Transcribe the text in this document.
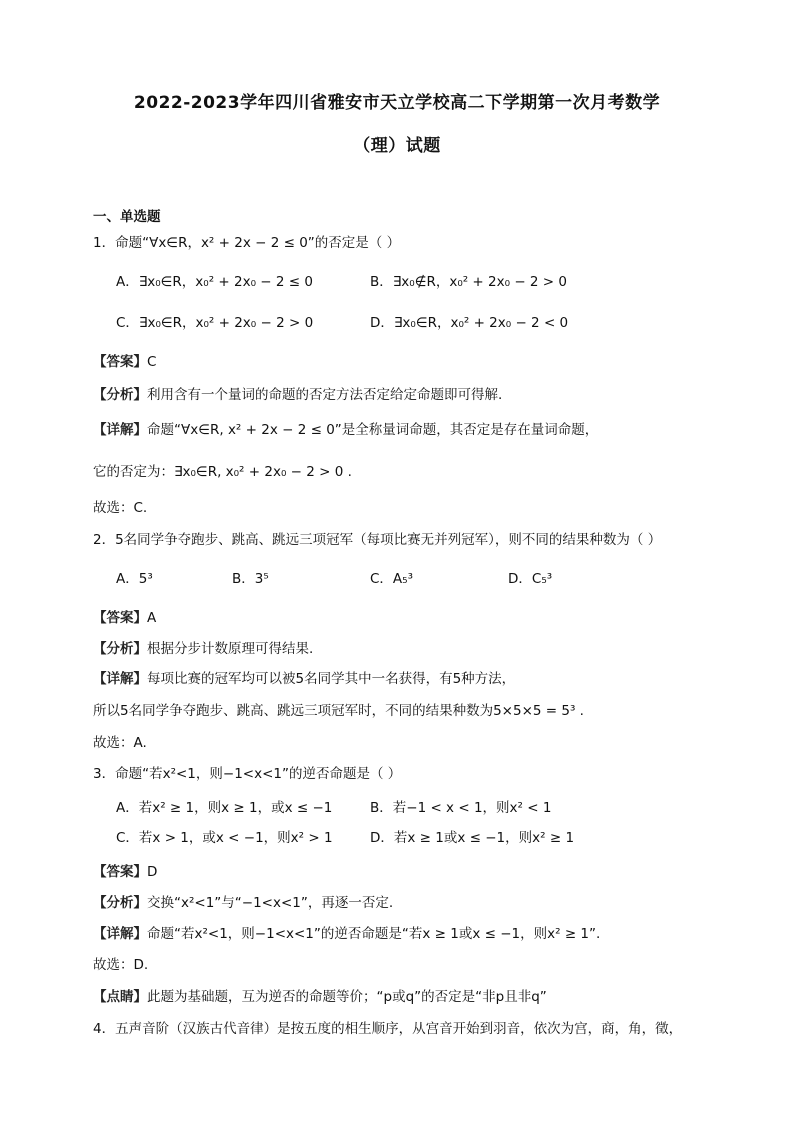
2022-2023学年四川省雅安市天立学校高二下学期第一次月考数学
（理）试题
一、单选题
1．命题“∀x∈R，x² + 2x − 2 ≤ 0”的否定是（ ）
A．∃x₀∈R，x₀² + 2x₀ − 2 ≤ 0	B．∃x₀∉R，x₀² + 2x₀ − 2 > 0
C．∃x₀∈R，x₀² + 2x₀ − 2 > 0	D．∃x₀∈R，x₀² + 2x₀ − 2 < 0
【答案】C
【分析】利用含有一个量词的命题的否定方法否定给定命题即可得解.
【详解】命题“∀x∈R, x² + 2x − 2 ≤ 0”是全称量词命题，其否定是存在量词命题，
它的否定为：∃x₀∈R, x₀² + 2x₀ − 2 > 0 .
故选：C.
2．5名同学争夺跑步、跳高、跳远三项冠军（每项比赛无并列冠军），则不同的结果种数为（ ）
A．5³	B．3⁵	C．A₅³	D．C₅³
【答案】A
【分析】根据分步计数原理可得结果.
【详解】每项比赛的冠军均可以被5名同学其中一名获得，有5种方法，
所以5名同学争夺跑步、跳高、跳远三项冠军时，不同的结果种数为5×5×5 = 5³ .
故选：A.
3．命题“若x²<1，则−1<x<1”的逆否命题是（ ）
A．若x² ≥ 1，则x ≥ 1，或x ≤ −1	B．若−1 < x < 1，则x² < 1
C．若x > 1，或x < −1，则x² > 1	D．若x ≥ 1或x ≤ −1，则x² ≥ 1
【答案】D
【分析】交换“x²<1”与“−1<x<1”，再逐一否定.
【详解】命题“若x²<1，则−1<x<1”的逆否命题是“若x ≥ 1或x ≤ −1，则x² ≥ 1”.
故选：D.
【点睛】此题为基础题，互为逆否的命题等价；“p或q”的否定是“非p且非q”
4．五声音阶（汉族古代音律）是按五度的相生顺序，从宫音开始到羽音，依次为宫，商，角，徵，
